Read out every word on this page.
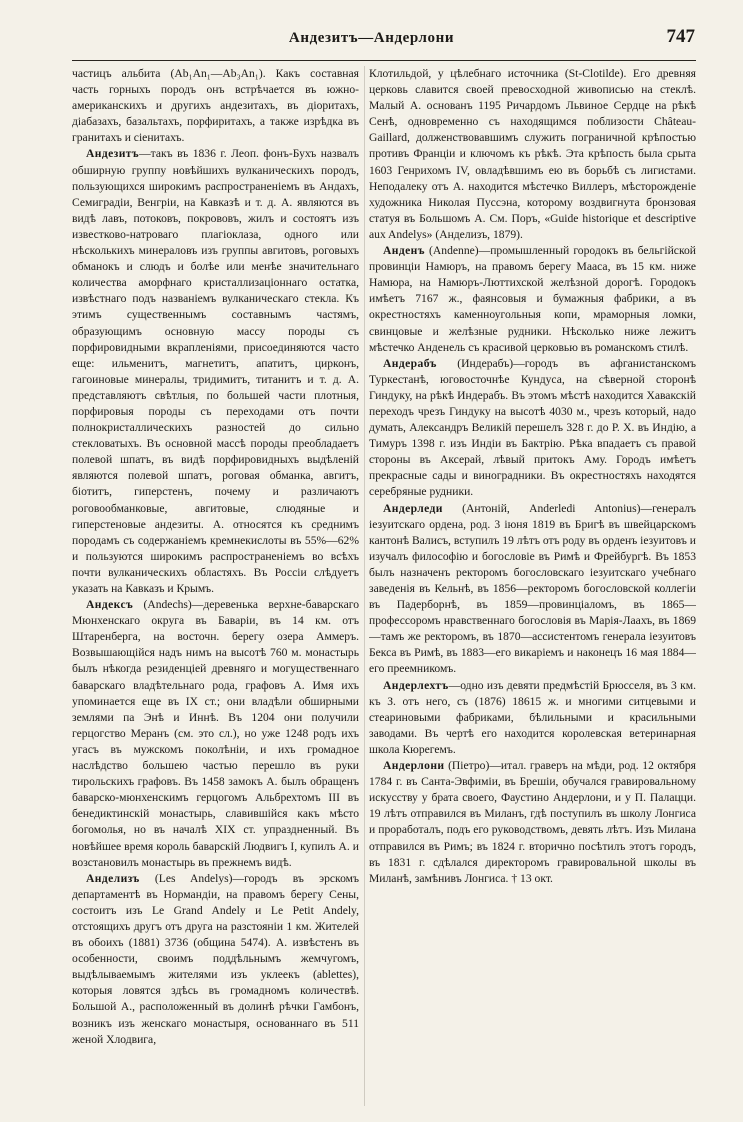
Андезитъ—Андерлони	747

частицъ альбита (Ab₁An₁—Ab₃An₁). Какъ составная часть горныхъ породъ онъ встрѣчается въ южно-американскихъ и другихъ андезитахъ, въ діоритахъ, діабазахъ, базальтахъ, порфиритахъ, а также изрѣдка въ гранитахъ и сіенитахъ.

Андезитъ—такъ въ 1836 г. Леоп. фонъ-Бухъ назвалъ обширную группу новѣйшихъ вулканическихъ породъ, пользующихся широкимъ распространеніемъ въ Андахъ, Семиградіи, Венгріи, на Кавказѣ и т. д. А. являются въ видѣ лавъ, потоковъ, покрововъ, жилъ и состоятъ изъ известково-натроваго плагіоклаза, одного или нѣсколькихъ минераловъ изъ группы авгитовъ, роговыхъ обманокъ и слюдъ и болѣе или менѣе значительнаго количества аморфнаго кристаллизаціоннаго остатка, извѣстнаго подъ названіемъ вулканическаго стекла. Къ этимъ существеннымъ составнымъ частямъ, образующимъ основную массу породы съ порфировидными вкрапленіями, присоединяются часто еще: ильменитъ, магнетитъ, апатитъ, цирконъ, гагоиновые минералы, тридимитъ, титанитъ и т. д. А. представляютъ свѣтлыя, по большей части плотныя, порфировыя породы съ переходами отъ почти полнокристаллическихъ разностей до сильно стекловатыхъ. Въ основной массѣ породы преобладаетъ полевой шпатъ, въ видѣ порфировидныхъ выдѣленій являются полевой шпатъ, роговая обманка, авгитъ, біотитъ, гиперстенъ, почему и различаютъ роговообманковые, авгитовые, слюдяные и гиперстеновые андезиты. А. относятся къ среднимъ породамъ съ содержаніемъ кремнекислоты въ 55%—62% и пользуются широкимъ распространеніемъ во всѣхъ почти вулканическихъ областяхъ. Въ Россіи слѣдуетъ указать на Кавказъ и Крымъ.

Андексъ (Andechs)—деревенька верхне-баварскаго Мюнхенскаго округа въ Баваріи, въ 14 км. отъ Штаренберга, на восточн. берегу озера Аммеръ. Возвышающійся надъ нимъ на высотѣ 760 м. монастырь былъ нѣкогда резиденціей древняго и могущественнаго баварскаго владѣтельнаго рода, графовъ А. Имя ихъ упоминается еще въ IX ст.; они владѣли обширными землями па Энѣ и Иннѣ. Въ 1204 они получили герцогство Меранъ (см. это сл.), но уже 1248 родъ ихъ угасъ въ мужскомъ поколѣніи, и ихъ громадное наслѣдство большею частью перешло въ руки тирольскихъ графовъ. Въ 1458 замокъ А. былъ обращенъ баварско-мюнхенскимъ герцогомъ Альбрехтомъ III въ бенедиктинскій монастырь, славившійся какъ мѣсто богомолья, но въ началѣ XIX ст. упраздненный. Въ новѣйшее время король баварскій Людвигъ I, купилъ А. и возстановилъ монастырь въ прежнемъ видѣ.

Анделизъ (Les Andelys)—городъ въ эрскомъ департаментѣ въ Нормандіи, на правомъ берегу Сены, состоитъ изъ Le Grand Andely и Le Petit Andely, отстоящихъ другъ отъ друга на разстояніи 1 км. Жителей въ обоихъ (1881) 3736 (община 5474). А. извѣстенъ въ особенности, своимъ поддѣльнымъ жемчугомъ, выдѣлываемымъ жителями изъ уклеекъ (ablettes), которыя ловятся здѣсь въ громадномъ количествѣ. Большой А., расположенный въ долинѣ рѣчки Гамбонъ, возникъ изъ женскаго монастыря, основаннаго въ 511 женой Хлодвига,

Клотильдой, у цѣлебнаго источника (St-Clotilde). Его древняя церковь славится своей превосходной живописью на стеклѣ. Малый А. основанъ 1195 Ричардомъ Львиное Сердце на рѣкѣ Сенѣ, одновременно съ находящимся поблизости Château-Gaillard, долженствовавшимъ служить пограничной крѣпостью противъ Франціи и ключомъ къ рѣкѣ. Эта крѣпость была срыта 1603 Генрихомъ IV, овладѣвшимъ ею въ борьбѣ съ лигистами. Неподалеку отъ А. находится мѣстечко Виллеръ, мѣсторожденіе художника Николая Пуссэна, которому воздвигнута бронзовая статуя въ Большомъ А. См. Поръ, «Guide historique et descriptive aux Andelys» (Анделизъ, 1879).

Анденъ (Andenne)—промышленный городокъ въ бельгійской провинціи Намюръ, на правомъ берегу Мааса, въ 15 км. ниже Намюра, на Намюръ-Люттихской желѣзной дорогѣ. Городокъ имѣетъ 7167 ж., фаянсовыя и бумажныя фабрики, а въ окрестностяхъ каменноугольныя копи, мраморныя ломки, свинцовые и желѣзные рудники. Нѣсколько ниже лежитъ мѣстечко Анденель съ красивой церковью въ романскомъ стилѣ.

Андерабъ (Индерабъ)—городъ въ афганистанскомъ Туркестанѣ, юговосточнѣе Кундуса, на сѣверной сторонѣ Гиндуку, на рѣкѣ Индерабъ. Въ этомъ мѣстѣ находится Хавакскій переходъ чрезъ Гиндуку на высотѣ 4030 м., чрезъ который, надо думать, Александръ Великій перешелъ 328 г. до Р. Х. въ Индію, а Тимуръ 1398 г. изъ Индіи въ Бактрію. Рѣка впадаетъ съ правой стороны въ Аксерай, лѣвый притокъ Аму. Городъ имѣетъ прекрасные сады и виноградники. Въ окрестностяхъ находятся серебряные рудники.

Андерледи (Антоній, Anderledi Antonius)—генералъ іезуитскаго ордена, род. 3 іюня 1819 въ Бригѣ въ швейцарскомъ кантонѣ Валисъ, вступилъ 19 лѣтъ отъ роду въ орденъ іезуитовъ и изучалъ философію и богословіе въ Римѣ и Фрейбургѣ. Въ 1853 былъ назначенъ ректоромъ богословскаго іезуитскаго учебнаго заведенія въ Кельнѣ, въ 1856—ректоромъ богословской коллегіи въ Падерборнѣ, въ 1859—провинціаломъ, въ 1865—профессоромъ нравственнаго богословія въ Марія-Лаахъ, въ 1869—тамъ же ректоромъ, въ 1870—ассистентомъ генерала іезуитовъ Бекса въ Римѣ, въ 1883—его викаріемъ и наконецъ 16 мая 1884—его преемникомъ.

Андерлехтъ—одно изъ девяти предмѣстій Брюсселя, въ 3 км. къ З. отъ него, съ (1876) 18615 ж. и многими ситцевыми и стеариновыми фабриками, бѣлильными и красильными заводами. Въ чертѣ его находится королевская ветеринарная школа Кюрегемъ.

Андерлони (Піетро)—итал. граверъ на мѣди, род. 12 октября 1784 г. въ Санта-Эвфиміи, въ Брешіи, обучался гравировальному искусству у брата своего, Фаустино Андерлони, и у П. Палацци. 19 лѣтъ отправился въ Миланъ, гдѣ поступилъ въ школу Лонгиса и проработалъ, подъ его руководствомъ, девять лѣтъ. Изъ Милана отправился въ Римъ; въ 1824 г. вторично посѣтилъ этотъ городъ, въ 1831 г. сдѣлался директоромъ гравировальной школы въ Миланѣ, замѣнивъ Лонгиса. † 13 окт.
